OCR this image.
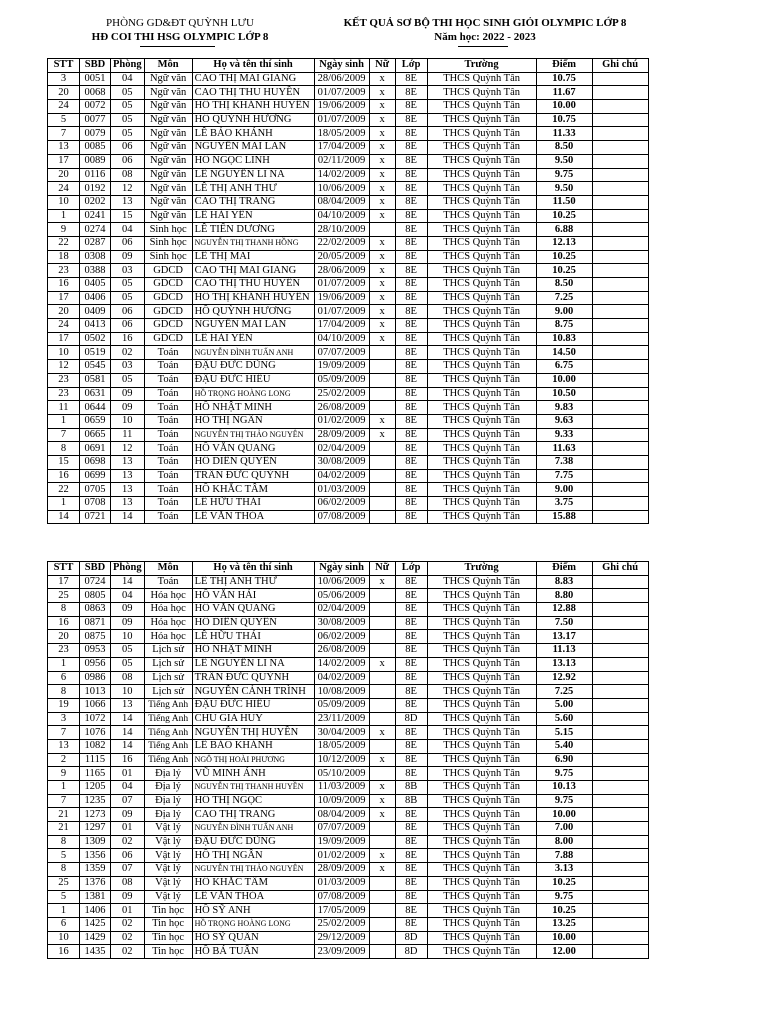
PHÒNG GD&ĐT QUỲNH LƯU
HĐ COI THI HSG OLYMPIC LỚP 8
KẾT QUẢ SƠ BỘ THI HỌC SINH GIỎI OLYMPIC LỚP 8
Năm học: 2022 - 2023
STT	SBD	Phòng	Môn	Họ và tên thí sinh	Ngày sinh	Nữ	Lớp	Trường	Điểm	Ghi chú
3	0051	04	Ngữ văn	CAO THỊ MAI GIANG	28/06/2009	x	8E	THCS Quỳnh Tân	10.75	
20	0068	05	Ngữ văn	CAO THỊ THU HUYỀN	01/07/2009	x	8E	THCS Quỳnh Tân	11.67	
24	0072	05	Ngữ văn	HỒ THỊ KHÁNH HUYỀN	19/06/2009	x	8E	THCS Quỳnh Tân	10.00	
5	0077	05	Ngữ văn	HỒ QUỲNH HƯƠNG	01/07/2009	x	8E	THCS Quỳnh Tân	10.75	
7	0079	05	Ngữ văn	LÊ BẢO KHÁNH	18/05/2009	x	8E	THCS Quỳnh Tân	11.33	
13	0085	06	Ngữ văn	NGUYỄN MAI LAN	17/04/2009	x	8E	THCS Quỳnh Tân	8.50	
17	0089	06	Ngữ văn	HỒ NGỌC LINH	02/11/2009	x	8E	THCS Quỳnh Tân	9.50	
20	0116	08	Ngữ văn	LÊ NGUYỄN LI NA	14/02/2009	x	8E	THCS Quỳnh Tân	9.75	
24	0192	12	Ngữ văn	LÊ THỊ ANH THƯ	10/06/2009	x	8E	THCS Quỳnh Tân	9.50	
10	0202	13	Ngữ văn	CAO THỊ TRANG	08/04/2009	x	8E	THCS Quỳnh Tân	11.50	
1	0241	15	Ngữ văn	LÊ HẢI YẾN	04/10/2009	x	8E	THCS Quỳnh Tân	10.25	
9	0274	04	Sinh học	LÊ TIẾN DƯƠNG	28/10/2009		8E	THCS Quỳnh Tân	6.88	
22	0287	06	Sinh học	NGUYỄN THỊ THANH HỒNG	22/02/2009	x	8E	THCS Quỳnh Tân	12.13	
18	0308	09	Sinh học	LÊ THỊ MAI	20/05/2009	x	8E	THCS Quỳnh Tân	10.25	
23	0388	03	GDCD	CAO THỊ MAI GIANG	28/06/2009	x	8E	THCS Quỳnh Tân	10.25	
16	0405	05	GDCD	CAO THỊ THU HUYỀN	01/07/2009	x	8E	THCS Quỳnh Tân	8.50	
17	0406	05	GDCD	HỒ THỊ KHÁNH HUYỀN	19/06/2009	x	8E	THCS Quỳnh Tân	7.25	
20	0409	06	GDCD	HỒ QUỲNH HƯƠNG	01/07/2009	x	8E	THCS Quỳnh Tân	9.00	
24	0413	06	GDCD	NGUYỄN MAI LAN	17/04/2009	x	8E	THCS Quỳnh Tân	8.75	
17	0502	16	GDCD	LÊ HẢI YẾN	04/10/2009	x	8E	THCS Quỳnh Tân	10.83	
10	0519	02	Toán	NGUYỄN ĐÌNH TUẤN ANH	07/07/2009		8E	THCS Quỳnh Tân	14.50	
12	0545	03	Toán	ĐẬU ĐỨC DŨNG	19/09/2009		8E	THCS Quỳnh Tân	6.75	
23	0581	05	Toán	ĐẬU ĐỨC HIẾU	05/09/2009		8E	THCS Quỳnh Tân	10.00	
23	0631	09	Toán	HỒ TRỌNG HOÀNG LONG	25/02/2009		8E	THCS Quỳnh Tân	10.50	
11	0644	09	Toán	HỒ NHẬT MINH	26/08/2009		8E	THCS Quỳnh Tân	9.83	
1	0659	10	Toán	HỒ THỊ NGÂN	01/02/2009	x	8E	THCS Quỳnh Tân	9.63	
7	0665	11	Toán	NGUYỄN THỊ THẢO NGUYÊN	28/09/2009	x	8E	THCS Quỳnh Tân	9.33	
8	0691	12	Toán	HỒ VĂN QUANG	02/04/2009		8E	THCS Quỳnh Tân	11.63	
15	0698	13	Toán	HỒ DIÊN QUYỀN	30/08/2009		8E	THCS Quỳnh Tân	7.38	
16	0699	13	Toán	TRẦN ĐỨC QUỲNH	04/02/2009		8E	THCS Quỳnh Tân	7.75	
22	0705	13	Toán	HỒ KHẮC TÂM	01/03/2009		8E	THCS Quỳnh Tân	9.00	
1	0708	13	Toán	LÊ HỮU THÁI	06/02/2009		8E	THCS Quỳnh Tân	3.75	
14	0721	14	Toán	LÊ VĂN THỎA	07/08/2009		8E	THCS Quỳnh Tân	15.88	
STT	SBD	Phòng	Môn	Họ và tên thí sinh	Ngày sinh	Nữ	Lớp	Trường	Điểm	Ghi chú
17	0724	14	Toán	LÊ THỊ ANH THƯ	10/06/2009	x	8E	THCS Quỳnh Tân	8.83	
25	0805	04	Hóa học	HỒ VĂN HẢI	05/06/2009		8E	THCS Quỳnh Tân	8.80	
8	0863	09	Hóa học	HỒ VĂN QUANG	02/04/2009		8E	THCS Quỳnh Tân	12.88	
16	0871	09	Hóa học	HỒ DIÊN QUYỀN	30/08/2009		8E	THCS Quỳnh Tân	7.50	
20	0875	10	Hóa học	LÊ HỮU THÁI	06/02/2009		8E	THCS Quỳnh Tân	13.17	
23	0953	05	Lịch sử	HỒ NHẬT MINH	26/08/2009		8E	THCS Quỳnh Tân	11.13	
1	0956	05	Lịch sử	LÊ NGUYỄN LI NA	14/02/2009	x	8E	THCS Quỳnh Tân	13.13	
6	0986	08	Lịch sử	TRẦN ĐỨC QUỲNH	04/02/2009		8E	THCS Quỳnh Tân	12.92	
8	1013	10	Lịch sử	NGUYỄN CẢNH TRÌNH	10/08/2009		8E	THCS Quỳnh Tân	7.25	
19	1066	13	Tiếng Anh	ĐẬU ĐỨC HIẾU	05/09/2009		8E	THCS Quỳnh Tân	5.00	
3	1072	14	Tiếng Anh	CHU GIA HUY	23/11/2009		8D	THCS Quỳnh Tân	5.60	
7	1076	14	Tiếng Anh	NGUYỄN THỊ HUYỀN	30/04/2009	x	8E	THCS Quỳnh Tân	5.15	
13	1082	14	Tiếng Anh	LÊ BẢO KHÁNH	18/05/2009		8E	THCS Quỳnh Tân	5.40	
2	1115	16	Tiếng Anh	NGÔ THỊ HOÀI PHƯƠNG	10/12/2009	x	8E	THCS Quỳnh Tân	6.90	
9	1165	01	Địa lý	VŨ MINH ÁNH	05/10/2009		8E	THCS Quỳnh Tân	9.75	
1	1205	04	Địa lý	NGUYỄN THỊ THANH HUYỀN	11/03/2009	x	8B	THCS Quỳnh Tân	10.13	
7	1235	07	Địa lý	HỒ THỊ NGỌC	10/09/2009	x	8B	THCS Quỳnh Tân	9.75	
21	1273	09	Địa lý	CAO THỊ TRANG	08/04/2009	x	8E	THCS Quỳnh Tân	10.00	
21	1297	01	Vật lý	NGUYỄN ĐÌNH TUẤN ANH	07/07/2009		8E	THCS Quỳnh Tân	7.00	
8	1309	02	Vật lý	ĐẬU ĐỨC DŨNG	19/09/2009		8E	THCS Quỳnh Tân	8.00	
5	1356	06	Vật lý	HỒ THỊ NGÂN	01/02/2009	x	8E	THCS Quỳnh Tân	7.88	
8	1359	07	Vật lý	NGUYỄN THỊ THẢO NGUYÊN	28/09/2009	x	8E	THCS Quỳnh Tân	3.13	
25	1376	08	Vật lý	HỒ KHẮC TÂM	01/03/2009		8E	THCS Quỳnh Tân	10.25	
5	1381	09	Vật lý	LÊ VĂN THỎA	07/08/2009		8E	THCS Quỳnh Tân	9.75	
1	1406	01	Tin học	HỒ SỸ ANH	17/05/2009		8E	THCS Quỳnh Tân	10.25	
6	1425	02	Tin học	HỒ TRỌNG HOÀNG LONG	25/02/2009		8E	THCS Quỳnh Tân	13.25	
10	1429	02	Tin học	HỒ SỸ QUÂN	29/12/2009		8D	THCS Quỳnh Tân	10.00	
16	1435	02	Tin học	HỒ BÁ TUẤN	23/09/2009		8D	THCS Quỳnh Tân	12.00	
